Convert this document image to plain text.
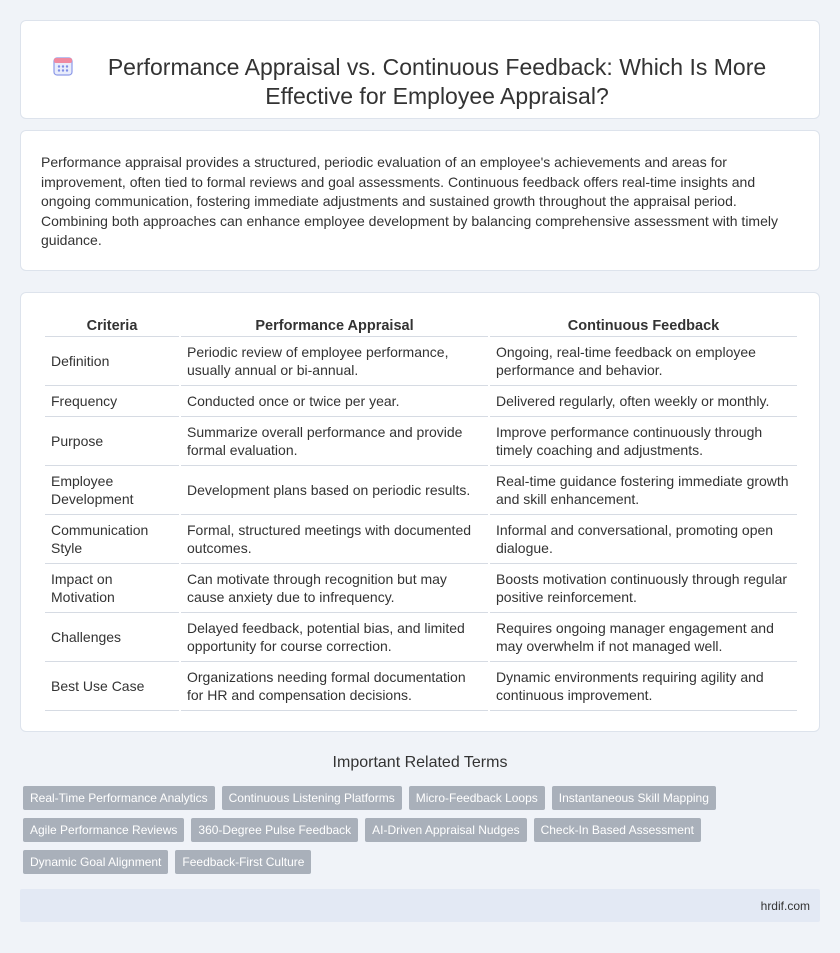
Performance Appraisal vs. Continuous Feedback: Which Is More Effective for Employee Appraisal?

Performance appraisal provides a structured, periodic evaluation of an employee's achievements and areas for improvement, often tied to formal reviews and goal assessments. Continuous feedback offers real-time insights and ongoing communication, fostering immediate adjustments and sustained growth throughout the appraisal period. Combining both approaches can enhance employee development by balancing comprehensive assessment with timely guidance.

Criteria	Performance Appraisal	Continuous Feedback
Definition	Periodic review of employee performance, usually annual or bi-annual.	Ongoing, real-time feedback on employee performance and behavior.
Frequency	Conducted once or twice per year.	Delivered regularly, often weekly or monthly.
Purpose	Summarize overall performance and provide formal evaluation.	Improve performance continuously through timely coaching and adjustments.
Employee Development	Development plans based on periodic results.	Real-time guidance fostering immediate growth and skill enhancement.
Communication Style	Formal, structured meetings with documented outcomes.	Informal and conversational, promoting open dialogue.
Impact on Motivation	Can motivate through recognition but may cause anxiety due to infrequency.	Boosts motivation continuously through regular positive reinforcement.
Challenges	Delayed feedback, potential bias, and limited opportunity for course correction.	Requires ongoing manager engagement and may overwhelm if not managed well.
Best Use Case	Organizations needing formal documentation for HR and compensation decisions.	Dynamic environments requiring agility and continuous improvement.
Important Related Terms
Real-Time Performance Analytics	Continuous Listening Platforms	Micro-Feedback Loops	Instantaneous Skill Mapping
Agile Performance Reviews	360-Degree Pulse Feedback	AI-Driven Appraisal Nudges	Check-In Based Assessment
Dynamic Goal Alignment	Feedback-First Culture
hrdif.com
